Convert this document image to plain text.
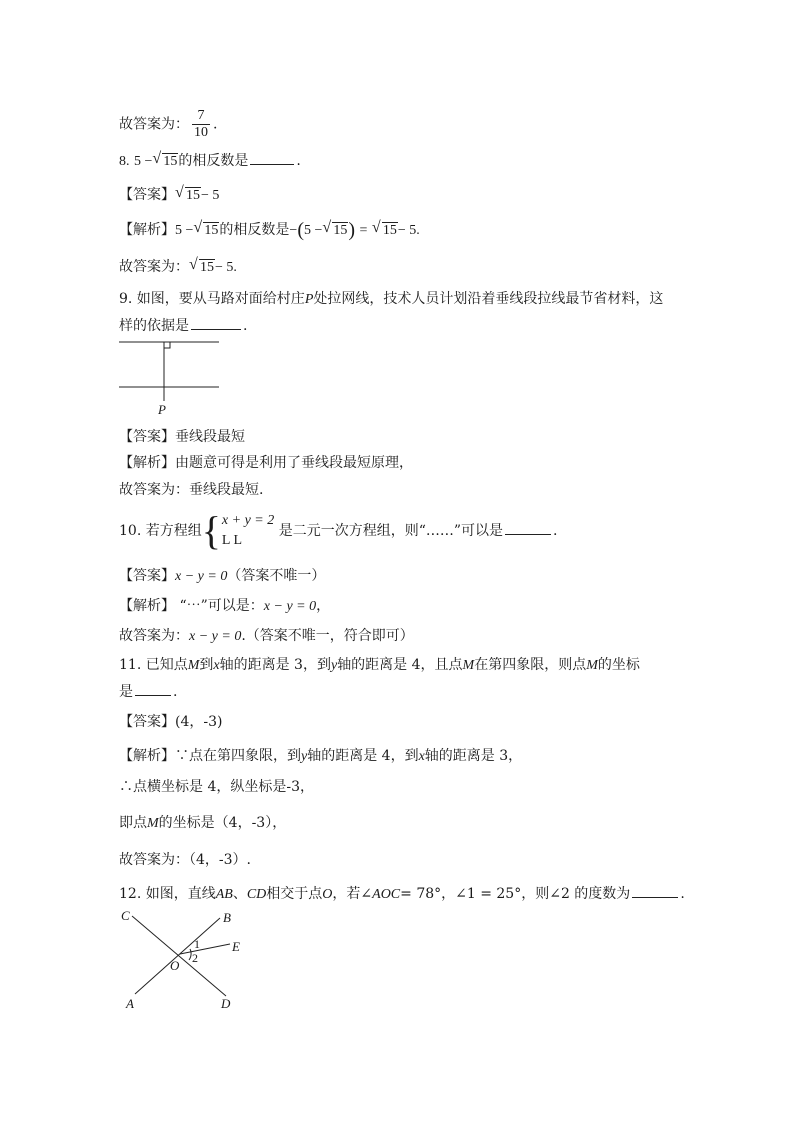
故答案为： $\frac{7}{10}$ .
8. 5 − √ 15的相反数是	.
【答案】 √ 15− 5
【解析】5 − √ 15的相反数是−(5 − √ 15) = √ 15− 5.
故答案为： √ 15− 5.
9. 如图，要从马路对面给村庄P处拉网线，技术人员计划沿着垂线段拉线最节省材料，这
样的依据是	.
P
【答案】垂线段最短
【解析】由题意可得是利用了垂线段最短原理，
故答案为：垂线段最短.
10. 若方程组 { x + y = 2
L L
是二元一次方程组，则“……”可以是	.
【答案】x − y = 0（答案不唯一）
【解析】 “⋯”可以是：x − y = 0，
故答案为：x − y = 0.（答案不唯一，符合即可）
11. 已知点M到x轴的距离是 3，到y轴的距离是 4，且点M在第四象限，则点M的坐标
是	.
【答案】(4，-3)
【解析】∵点在第四象限，到y轴的距离是 4，到x轴的距离是 3，
∴点横坐标是 4，纵坐标是-3，
即点M的坐标是（4，-3），
故答案为：（4，-3）.
12. 如图，直线AB、CD相交于点O，若∠AOC= 78°，∠1 = 25°，则∠2 的度数为	.
C	B
E
O
A	D
1
2
